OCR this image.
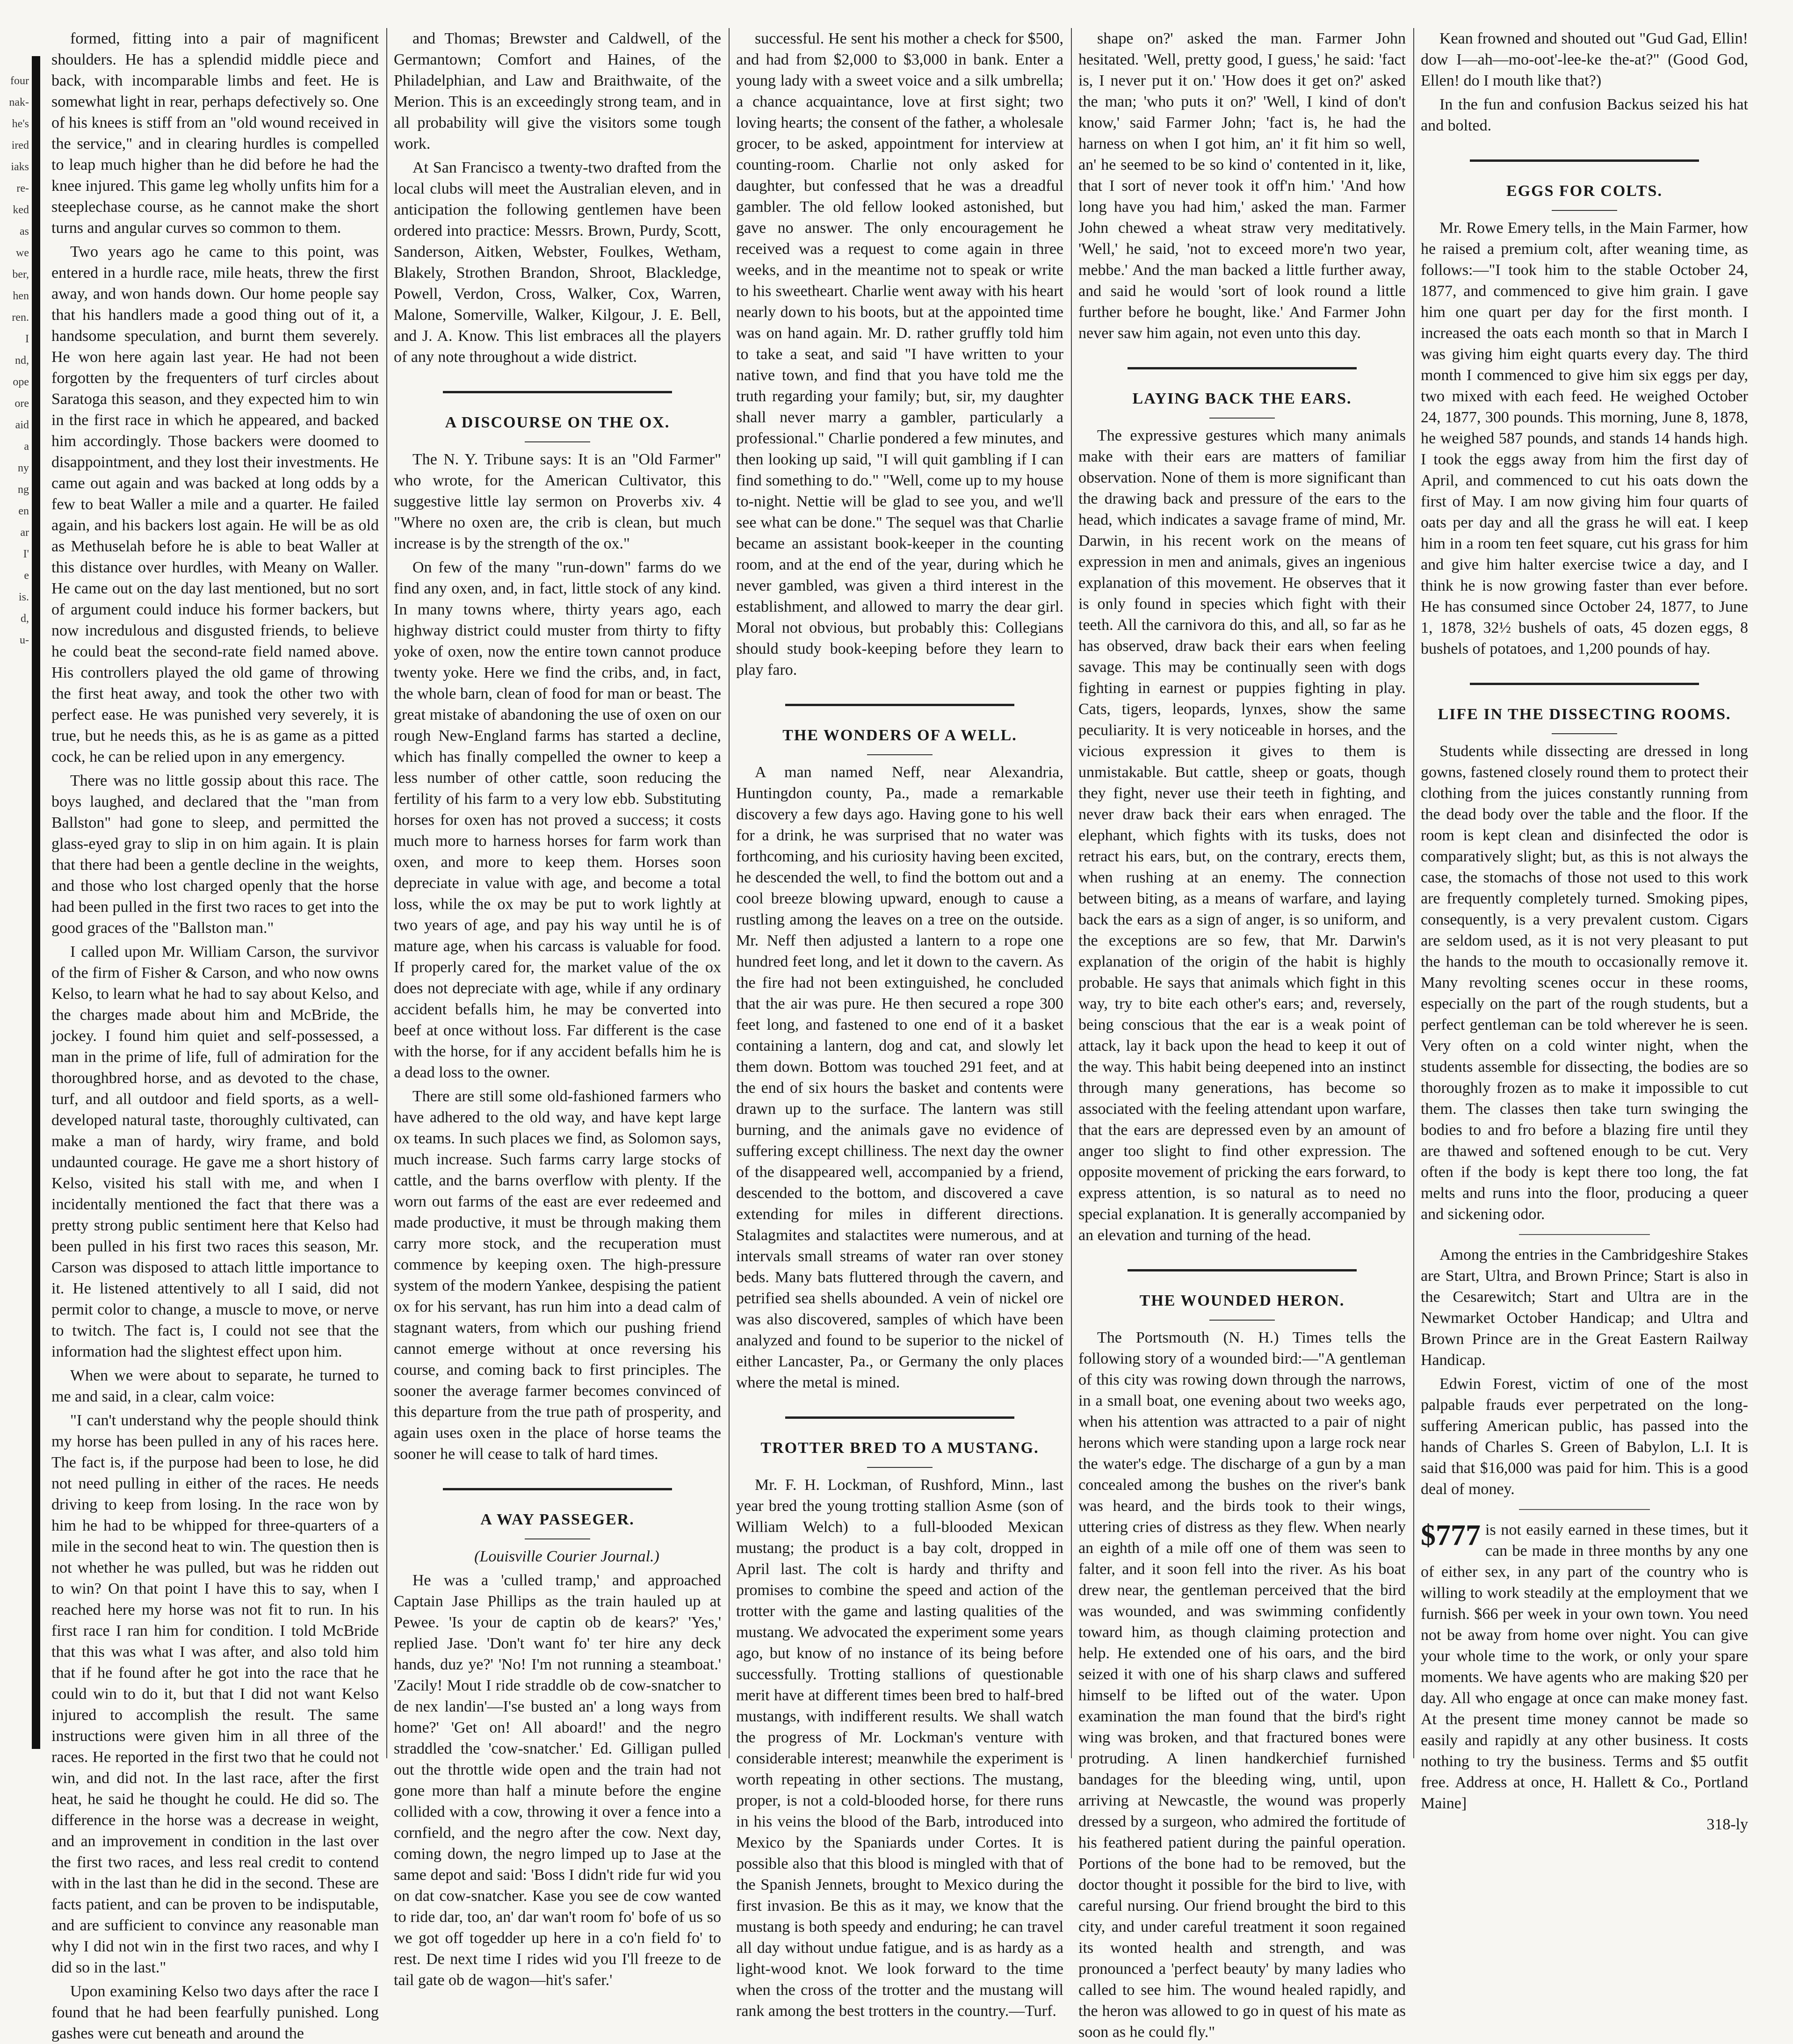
four
nak-
he's
ired
iaks
re-
ked
as
we
ber,
hen
ren.
I
nd,
ope
ore
aid
a
ny
ng
en
ar
I'
e
is.
d,
u-

formed, fitting into a pair of magnificent shoulders. He has a splendid middle piece and back, with incomparable limbs and feet. He is somewhat light in rear, perhaps defectively so. One of his knees is stiff from an "old wound received in the service," and in clearing hurdles is compelled to leap much higher than he did before he had the knee injured. This game leg wholly unfits him for a steeplechase course, as he cannot make the short turns and angular curves so common to them.

Two years ago he came to this point, was entered in a hurdle race, mile heats, threw the first away, and won hands down. Our home people say that his handlers made a good thing out of it, a handsome speculation, and burnt them severely. He won here again last year. He had not been forgotten by the frequenters of turf circles about Saratoga this season, and they expected him to win in the first race in which he appeared, and backed him accordingly. Those backers were doomed to disappointment, and they lost their investments. He came out again and was backed at long odds by a few to beat Waller a mile and a quarter. He failed again, and his backers lost again. He will be as old as Methuselah before he is able to beat Waller at this distance over hurdles, with Meany on Waller. He came out on the day last mentioned, but no sort of argument could induce his former backers, but now incredulous and disgusted friends, to believe he could beat the second-rate field named above. His controllers played the old game of throwing the first heat away, and took the other two with perfect ease. He was punished very severely, it is true, but he needs this, as he is as game as a pitted cock, he can be relied upon in any emergency.

There was no little gossip about this race. The boys laughed, and declared that the "man from Ballston" had gone to sleep, and permitted the glass-eyed gray to slip in on him again. It is plain that there had been a gentle decline in the weights, and those who lost charged openly that the horse had been pulled in the first two races to get into the good graces of the "Ballston man."

I called upon Mr. William Carson, the survivor of the firm of Fisher & Carson, and who now owns Kelso, to learn what he had to say about Kelso, and the charges made about him and McBride, the jockey. I found him quiet and self-possessed, a man in the prime of life, full of admiration for the thoroughbred horse, and as devoted to the chase, turf, and all outdoor and field sports, as a well-developed natural taste, thoroughly cultivated, can make a man of hardy, wiry frame, and bold undaunted courage. He gave me a short history of Kelso, visited his stall with me, and when I incidentally mentioned the fact that there was a pretty strong public sentiment here that Kelso had been pulled in his first two races this season, Mr. Carson was disposed to attach little importance to it. He listened attentively to all I said, did not permit color to change, a muscle to move, or nerve to twitch. The fact is, I could not see that the information had the slightest effect upon him.

When we were about to separate, he turned to me and said, in a clear, calm voice:

"I can't understand why the people should think my horse has been pulled in any of his races here. The fact is, if the purpose had been to lose, he did not need pulling in either of the races. He needs driving to keep from losing. In the race won by him he had to be whipped for three-quarters of a mile in the second heat to win. The question then is not whether he was pulled, but was he ridden out to win? On that point I have this to say, when I reached here my horse was not fit to run. In his first race I ran him for condition. I told McBride that this was what I was after, and also told him that if he found after he got into the race that he could win to do it, but that I did not want Kelso injured to accomplish the result. The same instructions were given him in all three of the races. He reported in the first two that he could not win, and did not. In the last race, after the first heat, he said he thought he could. He did so. The difference in the horse was a decrease in weight, and an improvement in condition in the last over the first two races, and less real credit to contend with in the last than he did in the second. These are facts patient, and can be proven to be indisputable, and are sufficient to convince any reasonable man why I did not win in the first two races, and why I did so in the last."

Upon examining Kelso two days after the race I found that he had been fearfully punished. Long gashes were cut beneath and around the

and Thomas; Brewster and Caldwell, of the Germantown; Comfort and Haines, of the Philadelphian, and Law and Braithwaite, of the Merion. This is an exceedingly strong team, and in all probability will give the visitors some tough work.

At San Francisco a twenty-two drafted from the local clubs will meet the Australian eleven, and in anticipation the following gentlemen have been ordered into practice: Messrs. Brown, Purdy, Scott, Sanderson, Aitken, Webster, Foulkes, Wetham, Blakely, Strothen Brandon, Shroot, Blackledge, Powell, Verdon, Cross, Walker, Cox, Warren, Malone, Somerville, Walker, Kilgour, J. E. Bell, and J. A. Know. This list embraces all the players of any note throughout a wide district.

A DISCOURSE ON THE OX.

The N. Y. Tribune says: It is an "Old Farmer" who wrote, for the American Cultivator, this suggestive little lay sermon on Proverbs xiv. 4 "Where no oxen are, the crib is clean, but much increase is by the strength of the ox."

On few of the many "run-down" farms do we find any oxen, and, in fact, little stock of any kind. In many towns where, thirty years ago, each highway district could muster from thirty to fifty yoke of oxen, now the entire town cannot produce twenty yoke. Here we find the cribs, and, in fact, the whole barn, clean of food for man or beast. The great mistake of abandoning the use of oxen on our rough New-England farms has started a decline, which has finally compelled the owner to keep a less number of other cattle, soon reducing the fertility of his farm to a very low ebb. Substituting horses for oxen has not proved a success; it costs much more to harness horses for farm work than oxen, and more to keep them. Horses soon depreciate in value with age, and become a total loss, while the ox may be put to work lightly at two years of age, and pay his way until he is of mature age, when his carcass is valuable for food. If properly cared for, the market value of the ox does not depreciate with age, while if any ordinary accident befalls him, he may be converted into beef at once without loss. Far different is the case with the horse, for if any accident befalls him he is a dead loss to the owner.

There are still some old-fashioned farmers who have adhered to the old way, and have kept large ox teams. In such places we find, as Solomon says, much increase. Such farms carry large stocks of cattle, and the barns overflow with plenty. If the worn out farms of the east are ever redeemed and made productive, it must be through making them carry more stock, and the recuperation must commence by keeping oxen. The high-pressure system of the modern Yankee, despising the patient ox for his servant, has run him into a dead calm of stagnant waters, from which our pushing friend cannot emerge without at once reversing his course, and coming back to first principles. The sooner the average farmer becomes convinced of this departure from the true path of prosperity, and again uses oxen in the place of horse teams the sooner he will cease to talk of hard times.

A WAY PASSEGER.

(Louisville Courier Journal.)

He was a 'culled tramp,' and approached Captain Jase Phillips as the train hauled up at Pewee. 'Is your de captin ob de kears?' 'Yes,' replied Jase. 'Don't want fo' ter hire any deck hands, duz ye?' 'No! I'm not running a steamboat.' 'Zacily! Mout I ride straddle ob de cow-snatcher to de nex landin'—I'se busted an' a long ways from home?' 'Get on! All aboard!' and the negro straddled the 'cow-snatcher.' Ed. Gilligan pulled out the throttle wide open and the train had not gone more than half a minute before the engine collided with a cow, throwing it over a fence into a cornfield, and the negro after the cow. Next day, coming down, the negro limped up to Jase at the same depot and said: 'Boss I didn't ride fur wid you on dat cow-snatcher. Kase you see de cow wanted to ride dar, too, an' dar wan't room fo' bofe of us so we got off togedder up here in a co'n field fo' to rest. De next time I rides wid you I'll freeze to de tail gate ob de wagon—hit's safer.'

successful. He sent his mother a check for $500, and had from $2,000 to $3,000 in bank. Enter a young lady with a sweet voice and a silk umbrella; a chance acquaintance, love at first sight; two loving hearts; the consent of the father, a wholesale grocer, to be asked, appointment for interview at counting-room. Charlie not only asked for daughter, but confessed that he was a dreadful gambler. The old fellow looked astonished, but gave no answer. The only encouragement he received was a request to come again in three weeks, and in the meantime not to speak or write to his sweetheart. Charlie went away with his heart nearly down to his boots, but at the appointed time was on hand again. Mr. D. rather gruffly told him to take a seat, and said "I have written to your native town, and find that you have told me the truth regarding your family; but, sir, my daughter shall never marry a gambler, particularly a professional." Charlie pondered a few minutes, and then looking up said, "I will quit gambling if I can find something to do." "Well, come up to my house to-night. Nettie will be glad to see you, and we'll see what can be done." The sequel was that Charlie became an assistant book-keeper in the counting room, and at the end of the year, during which he never gambled, was given a third interest in the establishment, and allowed to marry the dear girl. Moral not obvious, but probably this: Collegians should study book-keeping before they learn to play faro.

THE WONDERS OF A WELL.

A man named Neff, near Alexandria, Huntingdon county, Pa., made a remarkable discovery a few days ago. Having gone to his well for a drink, he was surprised that no water was forthcoming, and his curiosity having been excited, he descended the well, to find the bottom out and a cool breeze blowing upward, enough to cause a rustling among the leaves on a tree on the outside. Mr. Neff then adjusted a lantern to a rope one hundred feet long, and let it down to the cavern. As the fire had not been extinguished, he concluded that the air was pure. He then secured a rope 300 feet long, and fastened to one end of it a basket containing a lantern, dog and cat, and slowly let them down. Bottom was touched 291 feet, and at the end of six hours the basket and contents were drawn up to the surface. The lantern was still burning, and the animals gave no evidence of suffering except chilliness. The next day the owner of the disappeared well, accompanied by a friend, descended to the bottom, and discovered a cave extending for miles in different directions. Stalagmites and stalactites were numerous, and at intervals small streams of water ran over stoney beds. Many bats fluttered through the cavern, and petrified sea shells abounded. A vein of nickel ore was also discovered, samples of which have been analyzed and found to be superior to the nickel of either Lancaster, Pa., or Germany the only places where the metal is mined.

TROTTER BRED TO A MUSTANG.

Mr. F. H. Lockman, of Rushford, Minn., last year bred the young trotting stallion Asme (son of William Welch) to a full-blooded Mexican mustang; the product is a bay colt, dropped in April last. The colt is hardy and thrifty and promises to combine the speed and action of the trotter with the game and lasting qualities of the mustang. We advocated the experiment some years ago, but know of no instance of its being before successfully. Trotting stallions of questionable merit have at different times been bred to half-bred mustangs, with indifferent results. We shall watch the progress of Mr. Lockman's venture with considerable interest; meanwhile the experiment is worth repeating in other sections. The mustang, proper, is not a cold-blooded horse, for there runs in his veins the blood of the Barb, introduced into Mexico by the Spaniards under Cortes. It is possible also that this blood is mingled with that of the Spanish Jennets, brought to Mexico during the first invasion. Be this as it may, we know that the mustang is both speedy and enduring; he can travel all day without undue fatigue, and is as hardy as a light-wood knot. We look forward to the time when the cross of the trotter and the mustang will rank among the best trotters in the country.—Turf.

shape on?' asked the man. Farmer John hesitated. 'Well, pretty good, I guess,' he said: 'fact is, I never put it on.' 'How does it get on?' asked the man; 'who puts it on?' 'Well, I kind of don't know,' said Farmer John; 'fact is, he had the harness on when I got him, an' it fit him so well, an' he seemed to be so kind o' contented in it, like, that I sort of never took it off'n him.' 'And how long have you had him,' asked the man. Farmer John chewed a wheat straw very meditatively. 'Well,' he said, 'not to exceed more'n two year, mebbe.' And the man backed a little further away, and said he would 'sort of look round a little further before he bought, like.' And Farmer John never saw him again, not even unto this day.

LAYING BACK THE EARS.

The expressive gestures which many animals make with their ears are matters of familiar observation. None of them is more significant than the drawing back and pressure of the ears to the head, which indicates a savage frame of mind, Mr. Darwin, in his recent work on the means of expression in men and animals, gives an ingenious explanation of this movement. He observes that it is only found in species which fight with their teeth. All the carnivora do this, and all, so far as he has observed, draw back their ears when feeling savage. This may be continually seen with dogs fighting in earnest or puppies fighting in play. Cats, tigers, leopards, lynxes, show the same peculiarity. It is very noticeable in horses, and the vicious expression it gives to them is unmistakable. But cattle, sheep or goats, though they fight, never use their teeth in fighting, and never draw back their ears when enraged. The elephant, which fights with its tusks, does not retract his ears, but, on the contrary, erects them, when rushing at an enemy. The connection between biting, as a means of warfare, and laying back the ears as a sign of anger, is so uniform, and the exceptions are so few, that Mr. Darwin's explanation of the origin of the habit is highly probable. He says that animals which fight in this way, try to bite each other's ears; and, reversely, being conscious that the ear is a weak point of attack, lay it back upon the head to keep it out of the way. This habit being deepened into an instinct through many generations, has become so associated with the feeling attendant upon warfare, that the ears are depressed even by an amount of anger too slight to find other expression. The opposite movement of pricking the ears forward, to express attention, is so natural as to need no special explanation. It is generally accompanied by an elevation and turning of the head.

THE WOUNDED HERON.

The Portsmouth (N. H.) Times tells the following story of a wounded bird:—"A gentleman of this city was rowing down through the narrows, in a small boat, one evening about two weeks ago, when his attention was attracted to a pair of night herons which were standing upon a large rock near the water's edge. The discharge of a gun by a man concealed among the bushes on the river's bank was heard, and the birds took to their wings, uttering cries of distress as they flew. When nearly an eighth of a mile off one of them was seen to falter, and it soon fell into the river. As his boat drew near, the gentleman perceived that the bird was wounded, and was swimming confidently toward him, as though claiming protection and help. He extended one of his oars, and the bird seized it with one of his sharp claws and suffered himself to be lifted out of the water. Upon examination the man found that the bird's right wing was broken, and that fractured bones were protruding. A linen handkerchief furnished bandages for the bleeding wing, until, upon arriving at Newcastle, the wound was properly dressed by a surgeon, who admired the fortitude of his feathered patient during the painful operation. Portions of the bone had to be removed, but the doctor thought it possible for the bird to live, with careful nursing. Our friend brought the bird to this city, and under careful treatment it soon regained its wonted health and strength, and was pronounced a 'perfect beauty' by many ladies who called to see him. The wound healed rapidly, and the heron was allowed to go in quest of his mate as soon as he could fly."

Kean frowned and shouted out "Gud Gad, Ellin! dow I—ah—mo-oot'-lee-ke the-at?" (Good God, Ellen! do I mouth like that?)

In the fun and confusion Backus seized his hat and bolted.

EGGS FOR COLTS.

Mr. Rowe Emery tells, in the Main Farmer, how he raised a premium colt, after weaning time, as follows:—"I took him to the stable October 24, 1877, and commenced to give him grain. I gave him one quart per day for the first month. I increased the oats each month so that in March I was giving him eight quarts every day. The third month I commenced to give him six eggs per day, two mixed with each feed. He weighed October 24, 1877, 300 pounds. This morning, June 8, 1878, he weighed 587 pounds, and stands 14 hands high. I took the eggs away from him the first day of April, and commenced to cut his oats down the first of May. I am now giving him four quarts of oats per day and all the grass he will eat. I keep him in a room ten feet square, cut his grass for him and give him halter exercise twice a day, and I think he is now growing faster than ever before. He has consumed since October 24, 1877, to June 1, 1878, 32½ bushels of oats, 45 dozen eggs, 8 bushels of potatoes, and 1,200 pounds of hay.

LIFE IN THE DISSECTING ROOMS.

Students while dissecting are dressed in long gowns, fastened closely round them to protect their clothing from the juices constantly running from the dead body over the table and the floor. If the room is kept clean and disinfected the odor is comparatively slight; but, as this is not always the case, the stomachs of those not used to this work are frequently completely turned. Smoking pipes, consequently, is a very prevalent custom. Cigars are seldom used, as it is not very pleasant to put the hands to the mouth to occasionally remove it. Many revolting scenes occur in these rooms, especially on the part of the rough students, but a perfect gentleman can be told wherever he is seen. Very often on a cold winter night, when the students assemble for dissecting, the bodies are so thoroughly frozen as to make it impossible to cut them. The classes then take turn swinging the bodies to and fro before a blazing fire until they are thawed and softened enough to be cut. Very often if the body is kept there too long, the fat melts and runs into the floor, producing a queer and sickening odor.

Among the entries in the Cambridgeshire Stakes are Start, Ultra, and Brown Prince; Start is also in the Cesarewitch; Start and Ultra are in the Newmarket October Handicap; and Ultra and Brown Prince are in the Great Eastern Railway Handicap.

Edwin Forest, victim of one of the most palpable frauds ever perpetrated on the long-suffering American public, has passed into the hands of Charles S. Green of Babylon, L.I. It is said that $16,000 was paid for him. This is a good deal of money.

$777 is not easily earned in these times, but it can be made in three months by any one of either sex, in any part of the country who is willing to work steadily at the employment that we furnish. $66 per week in your own town. You need not be away from home over night. You can give your whole time to the work, or only your spare moments. We have agents who are making $20 per day. All who engage at once can make money fast. At the present time money cannot be made so easily and rapidly at any other business. It costs nothing to try the business. Terms and $5 outfit free. Address at once, H. Hallett & Co., Portland Maine]

318-ly
